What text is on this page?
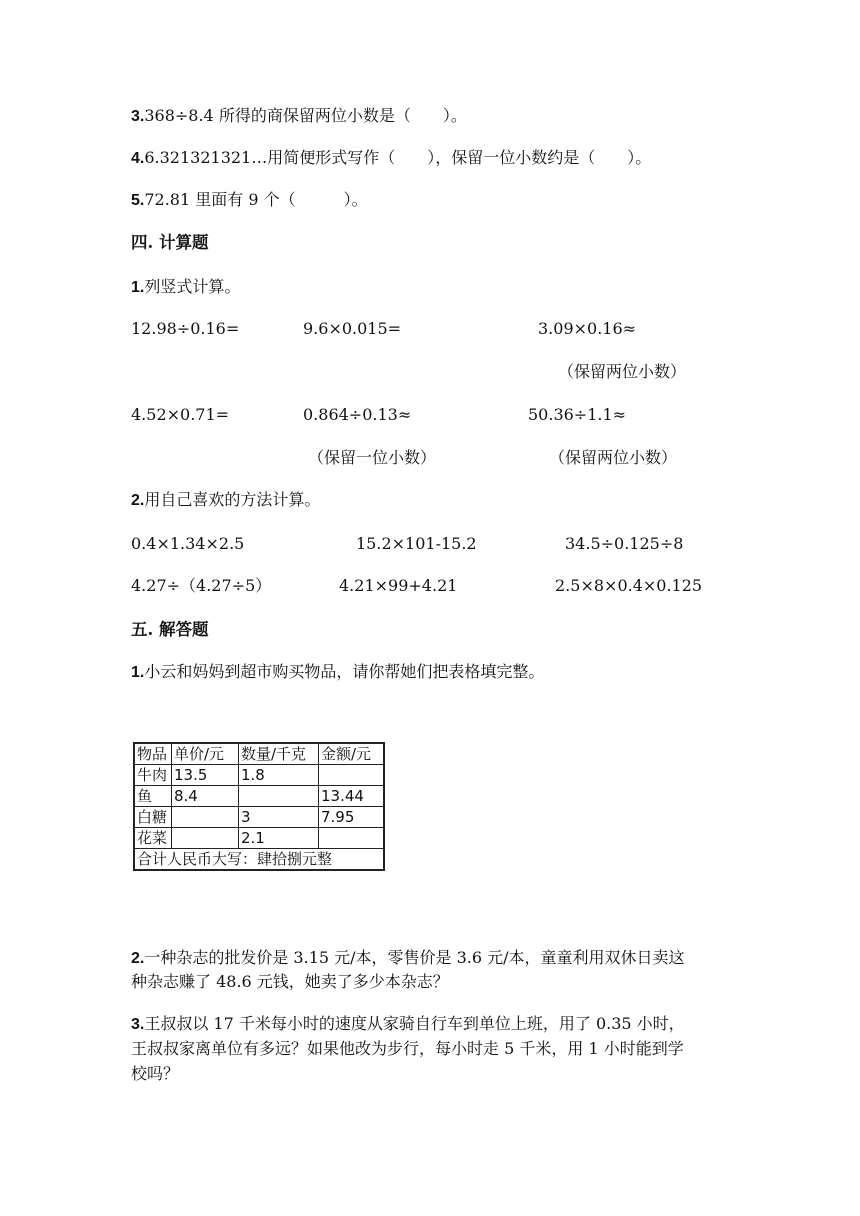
3.368÷8.4 所得的商保留两位小数是（　　）。
4.6.321321321…用简便形式写作（　　），保留一位小数约是（　　）。
5.72.81 里面有 9 个（　　　）。
四. 计算题
1.列竖式计算。
12.98÷0.16=	9.6×0.015=	3.09×0.16≈
（保留两位小数）
4.52×0.71=	0.864÷0.13≈	50.36÷1.1≈
（保留一位小数）	（保留两位小数）
2.用自己喜欢的方法计算。
0.4×1.34×2.5	15.2×101-15.2	34.5÷0.125÷8
4.27÷（4.27÷5）	4.21×99+4.21	2.5×8×0.4×0.125
五. 解答题
1.小云和妈妈到超市购买物品，请你帮她们把表格填完整。
物品	单价/元	数量/千克	金额/元
牛肉	13.5	1.8	
鱼	8.4		13.44
白糖		3	7.95
花菜		2.1	
合计人民币大写：肆拾捌元整			
2.一种杂志的批发价是 3.15 元/本，零售价是 3.6 元/本，童童利用双休日卖这
种杂志赚了 48.6 元钱，她卖了多少本杂志？
3.王叔叔以 17 千米每小时的速度从家骑自行车到单位上班，用了 0.35 小时，
王叔叔家离单位有多远？如果他改为步行，每小时走 5 千米，用 1 小时能到学
校吗？
